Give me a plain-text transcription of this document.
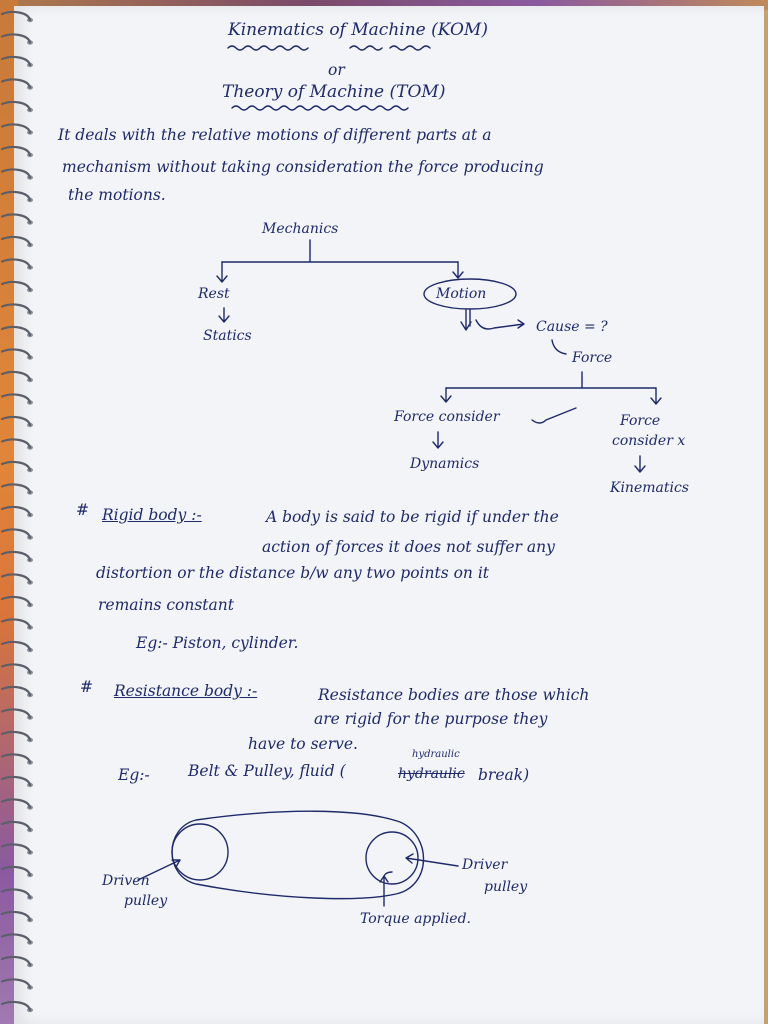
Kinematics of Machine (KOM)
or
Theory of Machine (TOM)
It deals with the relative motions of different parts at a
mechanism without taking consideration the force producing
the motions.
Mechanics
Rest
Statics
Motion
Cause = ?
Force
Force consider
Dynamics
Force
consider x
Kinematics
# Rigid body :-	A body is said to be rigid if under the
action of forces it does not suffer any
distortion or the distance b/w any two points on it
remains constant
Eg:- Piston, cylinder.
# Resistance body :-	Resistance bodies are those which
are rigid for the purpose they
have to serve.
hydraulic
Eg:- Belt & Pulley, fluid (	hydraulic break)
Driven
pulley
Driver
pulley
Torque applied.
